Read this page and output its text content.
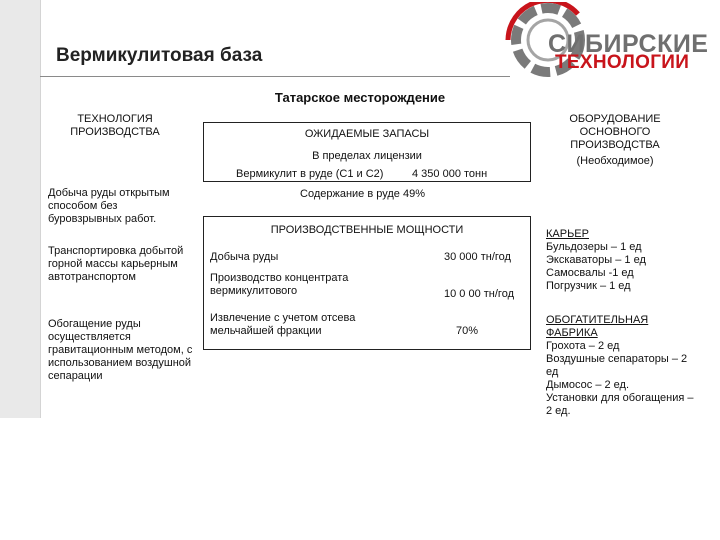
Вермикулитовая база	СИБИРСКИЕ
ТЕХНОЛОГИИ
Татарское месторождение
ТЕХНОЛОГИЯ ПРОИЗВОДСТВА
Добыча руды открытым способом без буровзрывных работ.
Транспортировка добытой горной массы карьерным автотранспортом
Обогащение руды осуществляется гравитационным методом, с использованием воздушной сепарации
ОЖИДАЕМЫЕ ЗАПАСЫ
В пределах лицензии
Вермикулит в руде (С1 и С2)	4 350 000 тонн
Содержание в руде 49%
ПРОИЗВОДСТВЕННЫЕ МОЩНОСТИ
Добыча руды	30 000 тн/год
Производство концентрата вермикулитового	10 0 00 тн/год
Извлечение с учетом отсева мельчайшей фракции	70%
ОБОРУДОВАНИЕ ОСНОВНОГО ПРОИЗВОДСТВА
(Необходимое)
КАРЬЕР
Бульдозеры – 1 ед
Экскаваторы – 1 ед
Самосвалы -1 ед
Погрузчик – 1 ед
ОБОГАТИТЕЛЬНАЯ ФАБРИКА
Грохота – 2 ед
Воздушные сепараторы – 2 ед
Дымосос – 2 ед.
Установки для обогащения – 2 ед.
